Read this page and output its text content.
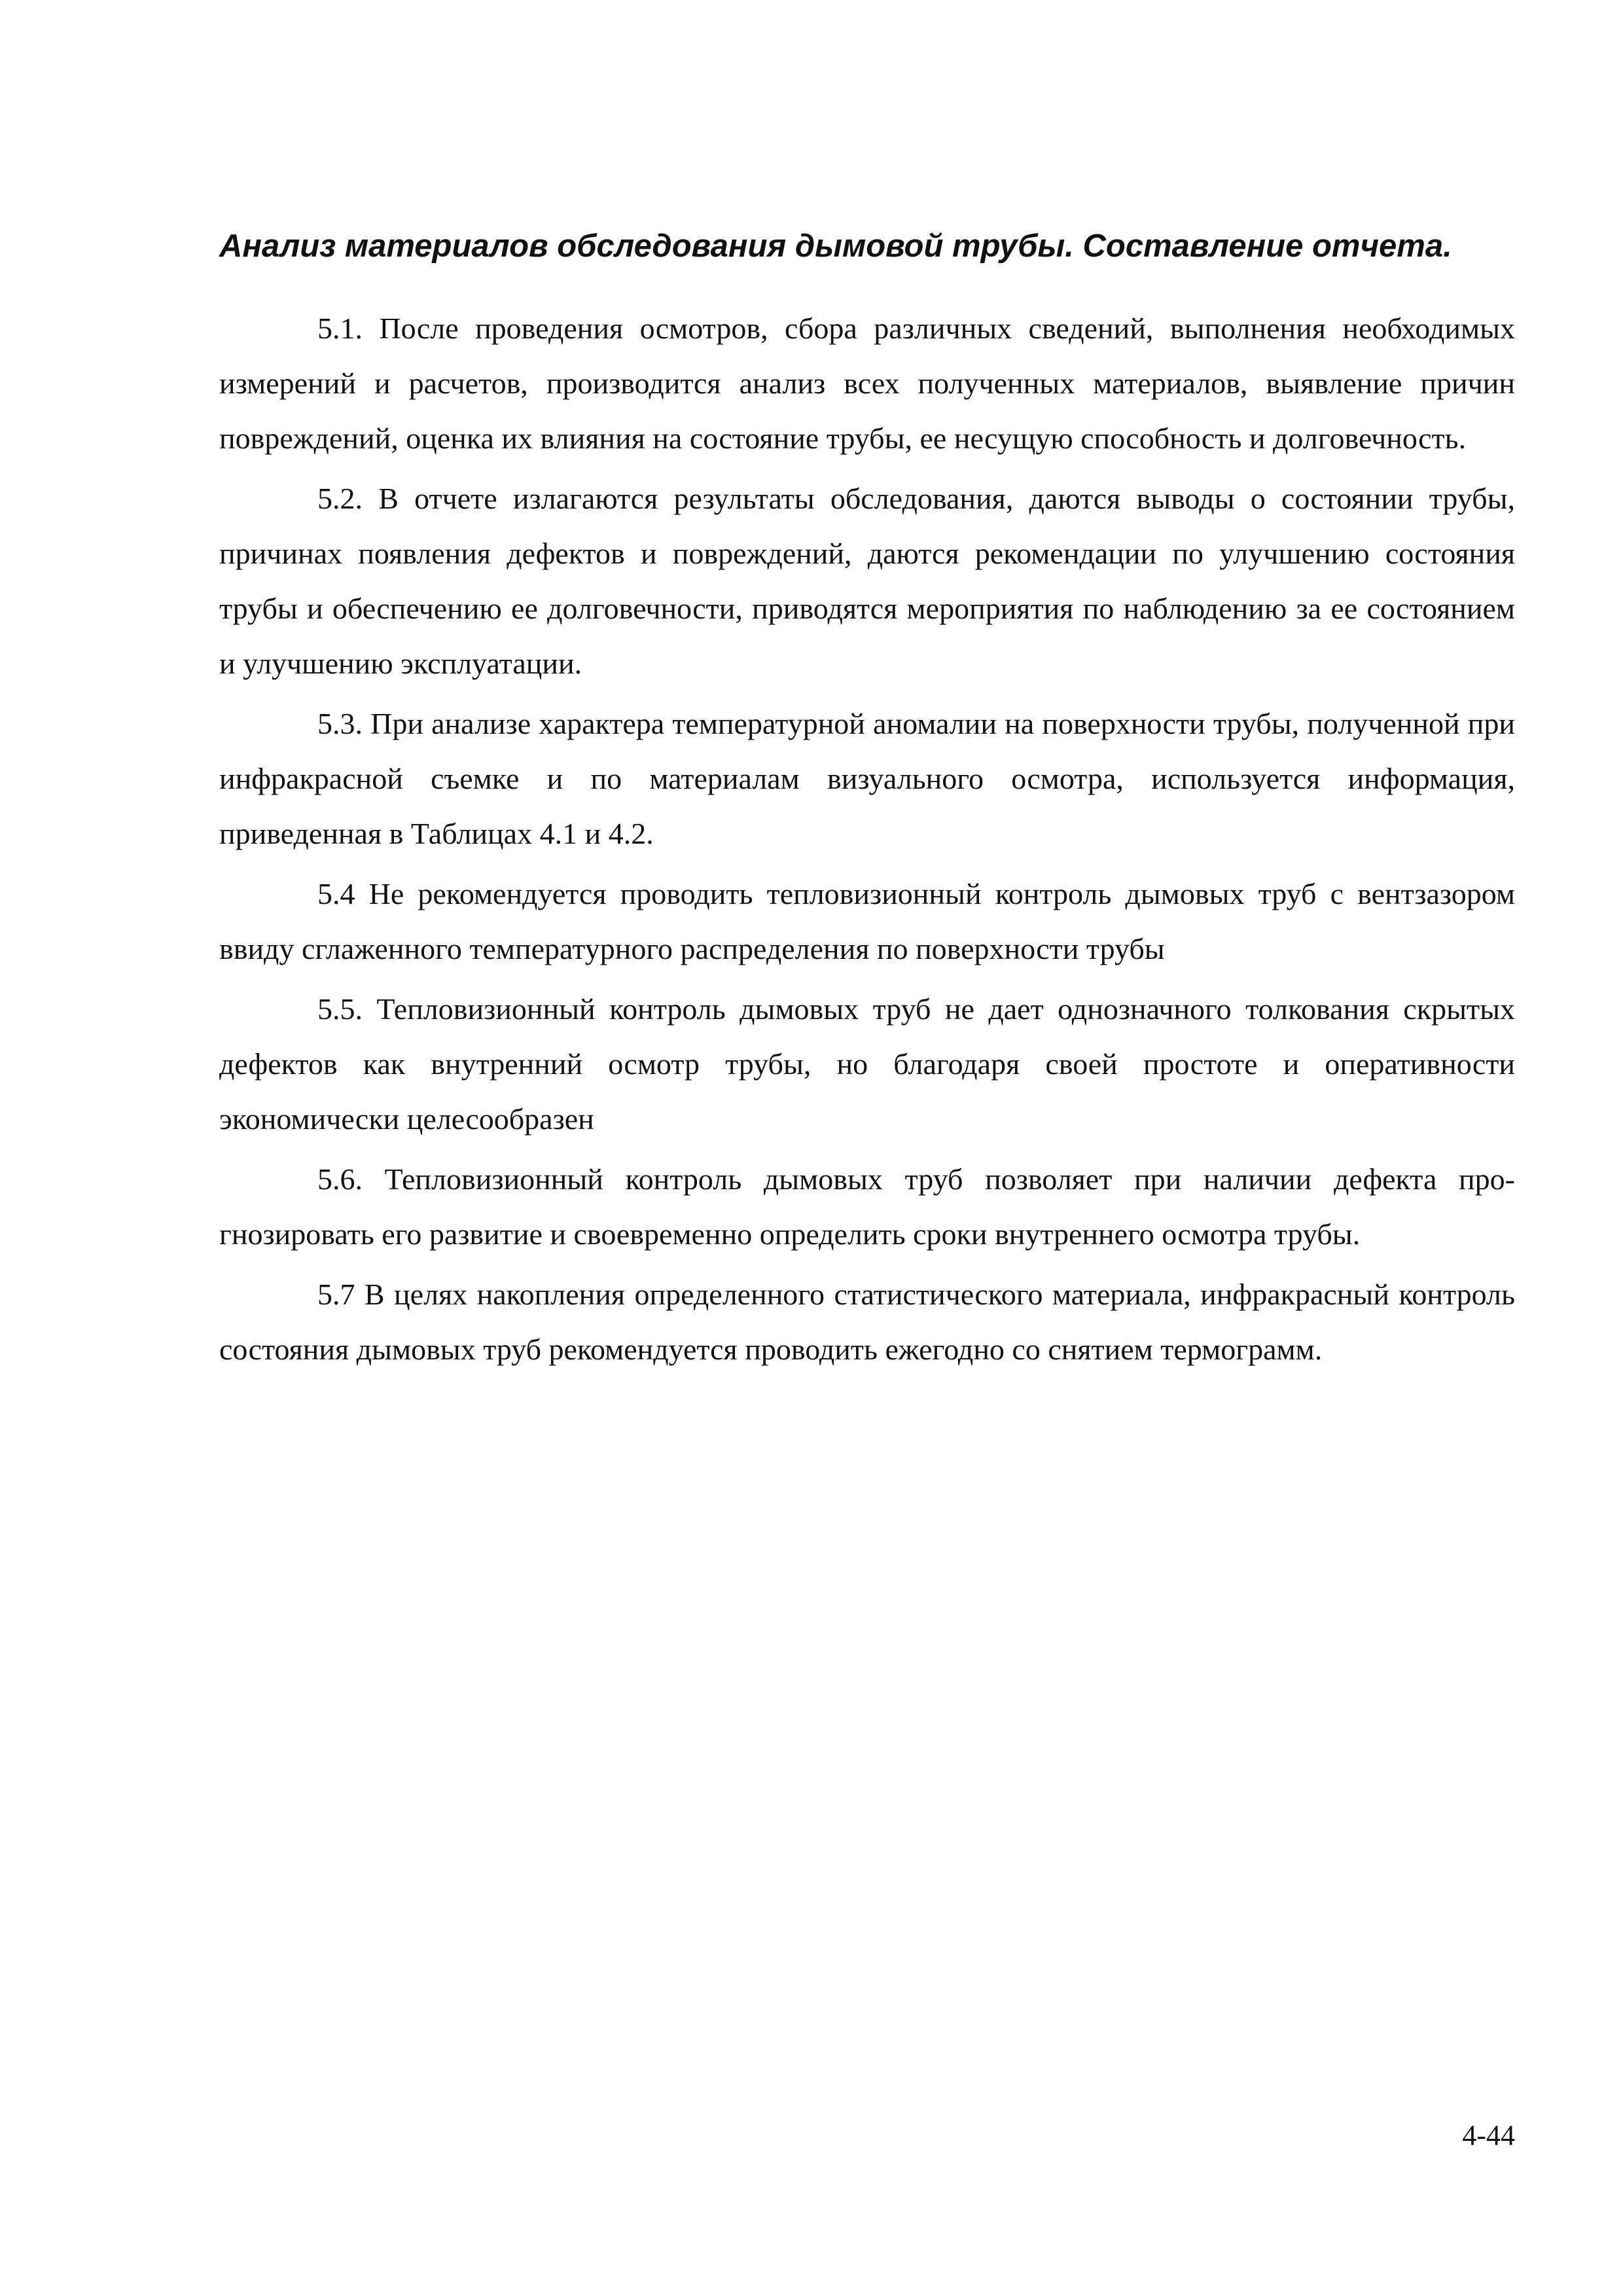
Анализ материалов обследования дымовой трубы. Составление отчета.

5.1. После проведения осмотров, сбора различных сведений, выполнения необходимых измерений и расчетов, производится анализ всех полученных материалов, выявление причин повреждений, оценка их влияния на состояние трубы, ее несущую способность и долговечность.

5.2. В отчете излагаются результаты обследования, даются выводы о состоянии трубы, причинах появления дефектов и повреждений, даются рекомендации по улучшению состояния трубы и обеспечению ее долговечности, приводятся мероприятия по наблюдению за ее состоянием и улучшению эксплуатации.

5.3. При анализе характера температурной аномалии на поверхности трубы, полученной при инфракрасной съемке и по материалам визуального осмотра, используется информация, приведенная в Таблицах 4.1 и 4.2.

5.4 Не рекомендуется проводить тепловизионный контроль дымовых труб с вентзазором ввиду сглаженного температурного распределения по поверхности трубы

5.5. Тепловизионный контроль дымовых труб не дает однозначного толкования скрытых дефектов как внутренний осмотр трубы, но благодаря своей простоте и оперативности экономически целесообразен

5.6. Тепловизионный контроль дымовых труб позволяет при наличии дефекта прогнозировать его развитие и своевременно определить сроки внутреннего осмотра трубы.

5.7 В целях накопления определенного статистического материала, инфракрасный контроль состояния дымовых труб рекомендуется проводить ежегодно со снятием термограмм.

4-44
